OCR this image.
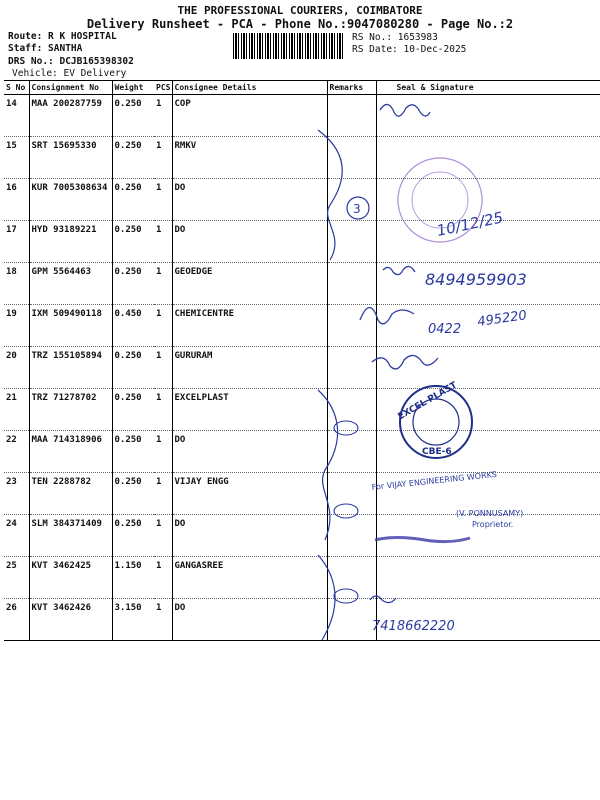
THE PROFESSIONAL COURIERS, COIMBATORE
Delivery Runsheet - PCA - Phone No.:9047080280 - Page No.:2
Route: R K HOSPITAL
Staff: SANTHA
DRS No.: DCJB165398302
Vehicle: EV Delivery
RS No.: 1653983
RS Date: 10-Dec-2025
S No	Consignment No	Weight	PCS	Consignee Details	Remarks	Seal & Signature
14	MAA 200287759	0.250	1	COP		
15	SRT 15695330	0.250	1	RMKV		
16	KUR 7005308634	0.250	1	DO		
17	HYD 93189221	0.250	1	DO		
18	GPM 5564463	0.250	1	GEOEDGE		
19	IXM 509490118	0.450	1	CHEMICENTRE		
20	TRZ 155105894	0.250	1	GURURAM		
21	TRZ 71278702	0.250	1	EXCELPLAST		
22	MAA 714318906	0.250	1	DO		
23	TEN 2288782	0.250	1	VIJAY ENGG		
24	SLM 384371409	0.250	1	DO		
25	KVT 3462425	1.150	1	GANGASREE		
26	KVT 3462426	3.150	1	DO		
3
8494959903
0422 495220
7418662220
10/12/25
EXCEL PLAST
CBE-6
For VIJAY ENGINEERING WORKS
(V. PONNUSAMY)
Proprietor.
